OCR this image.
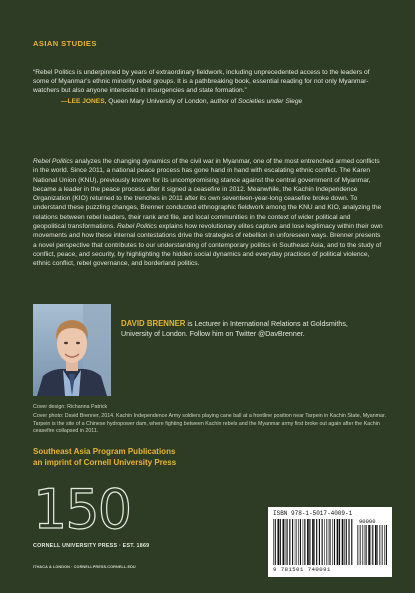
ASIAN STUDIES

“Rebel Politics is underpinned by years of extraordinary fieldwork, including unprecedented access to the leaders of some of Myanmar’s ethnic minority rebel groups. It is a pathbreaking book, essential reading for not only Myanmar-watchers but also anyone interested in insurgencies and state formation.”

—LEE JONES, Queen Mary University of London, author of Societies under Siege

Rebel Politics analyzes the changing dynamics of the civil war in Myanmar, one of the most entrenched armed conflicts in the world. Since 2011, a national peace process has gone hand in hand with escalating ethnic conflict. The Karen National Union (KNU), previously known for its uncompromising stance against the central government of Myanmar, became a leader in the peace process after it signed a ceasefire in 2012. Meanwhile, the Kachin Independence Organization (KIO) returned to the trenches in 2011 after its own seventeen-year-long ceasefire broke down. To understand these puzzling changes, Brenner conducted ethnographic fieldwork among the KNU and KIO, analyzing the relations between rebel leaders, their rank and file, and local communities in the context of wider political and geopolitical transformations. Rebel Politics explains how revolutionary elites capture and lose legitimacy within their own movements and how these internal contestations drive the strategies of rebellion in unforeseen ways. Brenner presents a novel perspective that contributes to our understanding of contemporary politics in Southeast Asia, and to the study of conflict, peace, and security, by highlighting the hidden social dynamics and everyday practices of political violence, ethnic conflict, rebel governance, and borderland politics.

DAVID BRENNER is Lecturer in International Relations at Goldsmiths, University of London. Follow him on Twitter @DavBrenner.

Cover design: Richanna Patrick

Cover photo: David Brenner, 2014. Kachin Independence Army soldiers playing cane ball at a frontline position near Tarpein in Kachin State, Myanmar. Tarpein is the site of a Chinese hydropower dam, where fighting between Kachin rebels and the Myanmar army first broke out again after the Kachin ceasefire collapsed in 2011.

Southeast Asia Program Publications

an imprint of Cornell University Press

150
CORNELL UNIVERSITY PRESS · EST. 1869
ITHACA & LONDON · CORNELLPRESS.CORNELL.EDU
ISBN 978-1-5017-4009-1
90000
9 781501 740091
